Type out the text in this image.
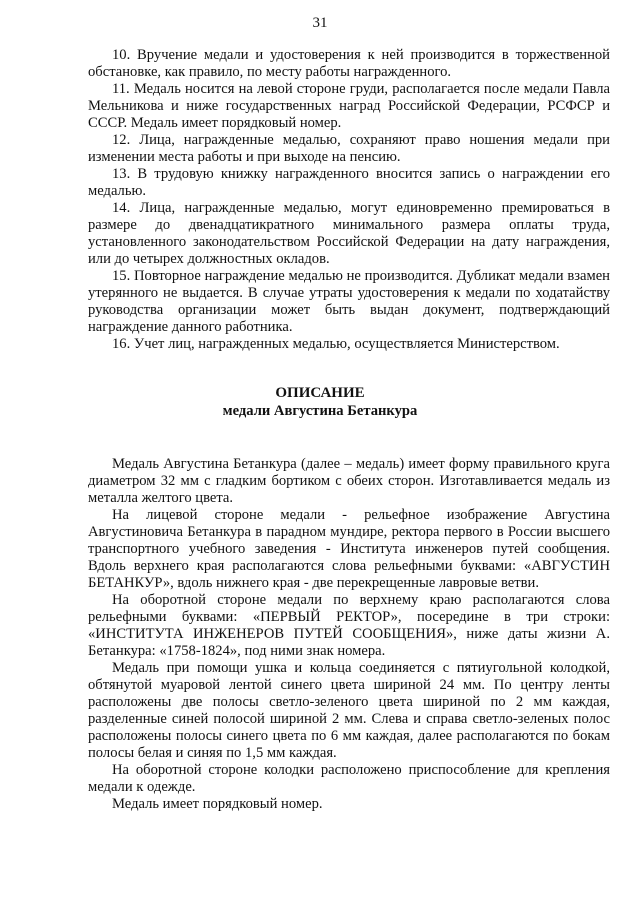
31

10. Вручение медали и удостоверения к ней производится в торжественной обстановке, как правило, по месту работы награжденного.

11. Медаль носится на левой стороне груди, располагается после медали Павла Мельникова и ниже государственных наград Российской Федерации, РСФСР и СССР. Медаль имеет порядковый номер.

12. Лица, награжденные медалью, сохраняют право ношения медали при изменении места работы и при выходе на пенсию.

13. В трудовую книжку награжденного вносится запись о награждении его медалью.

14. Лица, награжденные медалью, могут единовременно премироваться в размере до двенадцатикратного минимального размера оплаты труда, установленного законодательством Российской Федерации на дату награждения, или до четырех должностных окладов.

15. Повторное награждение медалью не производится. Дубликат медали взамен утерянного не выдается. В случае утраты удостоверения к медали по ходатайству руководства организации может быть выдан документ, подтверждающий награждение данного работника.

16. Учет лиц, награжденных медалью, осуществляется Министерством.

ОПИСАНИЕ
медали Августина Бетанкура

Медаль Августина Бетанкура (далее – медаль) имеет форму правильного круга диаметром 32 мм с гладким бортиком с обеих сторон. Изготавливается медаль из металла желтого цвета.

На лицевой стороне медали - рельефное изображение Августина Августиновича Бетанкура в парадном мундире, ректора первого в России высшего транспортного учебного заведения - Института инженеров путей сообщения. Вдоль верхнего края располагаются слова рельефными буквами: «АВГУСТИН БЕТАНКУР», вдоль нижнего края - две перекрещенные лавровые ветви.

На оборотной стороне медали по верхнему краю располагаются слова рельефными буквами: «ПЕРВЫЙ РЕКТОР», посередине в три строки: «ИНСТИТУТА ИНЖЕНЕРОВ ПУТЕЙ СООБЩЕНИЯ», ниже даты жизни А. Бетанкура: «1758-1824», под ними знак номера.

Медаль при помощи ушка и кольца соединяется с пятиугольной колодкой, обтянутой муаровой лентой синего цвета шириной 24 мм. По центру ленты расположены две полосы светло-зеленого цвета шириной по 2 мм каждая, разделенные синей полосой шириной 2 мм. Слева и справа светло-зеленых полос расположены полосы синего цвета по 6 мм каждая, далее располагаются по бокам полосы белая и синяя по 1,5 мм каждая.

На оборотной стороне колодки расположено приспособление для крепления медали к одежде.

Медаль имеет порядковый номер.
